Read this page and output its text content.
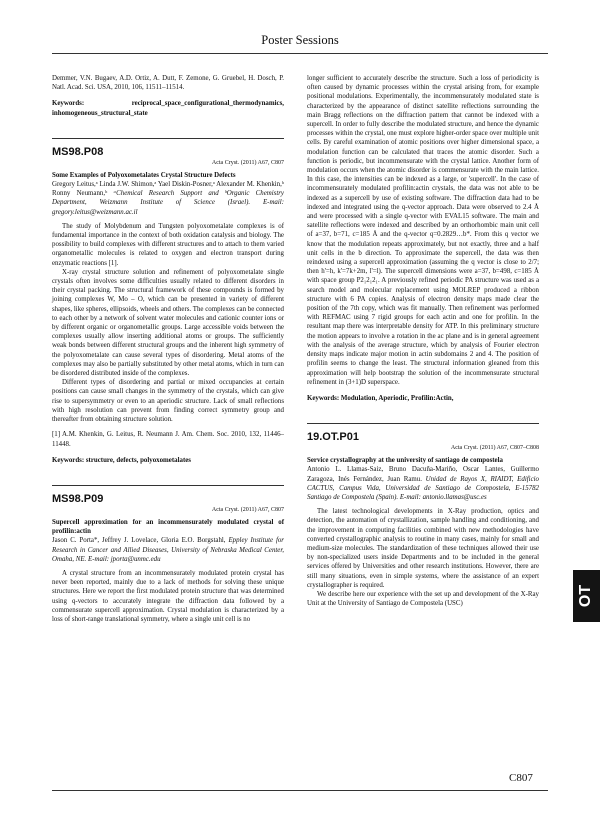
Poster Sessions

Demmer, V.N. Bugaev, A.D. Ortiz, A. Dutt, F. Zemone, G. Gruebel, H. Dosch, P. Natl. Acad. Sci. USA, 2010, 106, 11511–11514.

Keywords: reciprocal_space_configurational_thermodynamics, inhomogeneous_structural_state

MS98.P08
Acta Cryst. (2011) A67, C807

Some Examples of Polyoxometalates Crystal Structure Defects

Gregory Leitus,ᵃ Linda J.W. Shimon,ᵃ Yael Diskin-Posner,ᵃ Alexander M. Khenkin,ᵇ Ronny Neumann,ᵇ ᵃChemical Research Support and ᵇOrganic Chemistry Department, Weizmann Institute of Science (Israel). E-mail: gregory.leitus@weizmann.ac.il

The study of Molybdenum and Tungsten polyoxometalate complexes is of fundamental importance in the context of both oxidation catalysis and biology. The possibility to build complexes with different structures and to attach to them varied organometallic molecules is related to oxygen and electron transport during enzymatic reactions [1].

X-ray crystal structure solution and refinement of polyoxometalate single crystals often involves some difficulties usually related to different disorders in their crystal packing. The structural framework of these compounds is formed by joining complexes W, Mo – O, which can be presented in variety of different shapes, like spheres, ellipsoids, wheels and others. The complexes can be connected to each other by a network of solvent water molecules and cationic counter ions or by different organic or organometallic groups. Large accessible voids between the complexes usually allow inserting additional atoms or groups. The sufficiently weak bonds between different structural groups and the inherent high symmetry of the polyoxometalate can cause several types of disordering. Metal atoms of the complexes may also be partially substituted by other metal atoms, which in turn can be disordered distributed inside of the complexes.

Different types of disordering and partial or mixed occupancies at certain positions can cause small changes in the symmetry of the crystals, which can give rise to supersymmetry or even to an aperiodic structure. Lack of small reflections with high resolution can prevent from finding correct symmetry group and thereafter from obtaining structure solution.

[1] A.M. Khenkin, G. Leitus, R. Neumann J. Am. Chem. Soc. 2010, 132, 11446–11448.

Keywords: structure, defects, polyoxometalates

MS98.P09
Acta Cryst. (2011) A67, C807

Supercell approximation for an incommensurately modulated crystal of profilin:actin

Jason C. Porta*, Jeffrey J. Lovelace, Gloria E.O. Borgstahl, Eppley Institute for Research in Cancer and Allied Diseases, University of Nebraska Medical Center, Omaha, NE. E-mail: jporta@unmc.edu

A crystal structure from an incommensurately modulated protein crystal has never been reported, mainly due to a lack of methods for solving these unique structures. Here we report the first modulated protein structure that was determined using q-vectors to accurately integrate the diffraction data followed by a commensurate supercell approximation. Crystal modulation is characterized by a loss of short-range translational symmetry, where a single unit cell is no

longer sufficient to accurately describe the structure. Such a loss of periodicity is often caused by dynamic processes within the crystal arising from, for example positional modulations. Experimentally, the incommensurately modulated state is characterized by the appearance of distinct satellite reflections surrounding the main Bragg reflections on the diffraction pattern that cannot be indexed with a supercell. In order to fully describe the modulated structure, and hence the dynamic processes within the crystal, one must explore higher-order space over multiple unit cells. By careful examination of atomic positions over higher dimensional space, a modulation function can be calculated that traces the atomic disorder. Such a function is periodic, but incommensurate with the crystal lattice. Another form of modulation occurs when the atomic disorder is commensurate with the main lattice. In this case, the intensities can be indexed as a large, or 'supercell'. In the case of incommensurately modulated profilin:actin crystals, the data was not able to be indexed as a supercell by use of existing software. The diffraction data had to be indexed and integrated using the q-vector approach. Data were observed to 2.4 Å and were processed with a single q-vector with EVAL15 software. The main and satellite reflections were indexed and described by an orthorhombic main unit cell of a=37, b=71, c=185 Å and the q-vector q=0.2829…b*. From this q vector we know that the modulation repeats approximately, but not exactly, three and a half unit cells in the b direction. To approximate the supercell, the data was then reindexed using a supercell approximation (assuming the q vector is close to 2/7; then h'=h, k'=7k+2m, l'=l). The supercell dimensions were a=37, b=498, c=185 Å with space group P2₁2₁2₁. A previously refined periodic PA structure was used as a search model and molecular replacement using MOLREP produced a ribbon structure with 6 PA copies. Analysis of electron density maps made clear the position of the 7th copy, which was fit manually. Then refinement was performed with REFMAC using 7 rigid groups for each actin and one for profilin. In the resultant map there was interpretable density for ATP. In this preliminary structure the motion appears to involve a rotation in the ac plane and is in general agreement with the analysis of the average structure, which by analysis of Fourier electron density maps indicate major motion in actin subdomains 2 and 4. The position of profilin seems to change the least. The structural information gleaned from this approximation will help bootstrap the solution of the incommensurate structural refinement in (3+1)D superspace.

Keywords: Modulation, Aperiodic, Profilin:Actin,

19.OT.P01
Acta Cryst. (2011) A67, C807–C808

Service crystallography at the university of santiago de compostela

Antonio L. Llamas-Saiz, Bruno Dacuña-Mariño, Oscar Lantes, Guillermo Zaragoza, Inés Fernández, Juan Ramu. Unidad de Rayos X, RIAIDT, Edificio CACTUS, Campus Vida, Universidad de Santiago de Compostela, E-15782 Santiago de Compostela (Spain). E-mail: antonio.llamas@usc.es

The latest technological developments in X-Ray production, optics and detection, the automation of crystallization, sample handling and conditioning, and the improvement in computing facilities combined with new methodologies have converted crystallographic analysis to routine in many cases, mainly for small and medium-size molecules. The standardization of these techniques allowed their use by non-specialized users inside Departments and to be included in the general services offered by Universities and other research institutions. However, there are still many situations, even in simple systems, where the assistance of an expert crystallographer is required.

We describe here our experience with the set up and development of the X-Ray Unit at the University of Santiago de Compostela (USC)	OT
C807
